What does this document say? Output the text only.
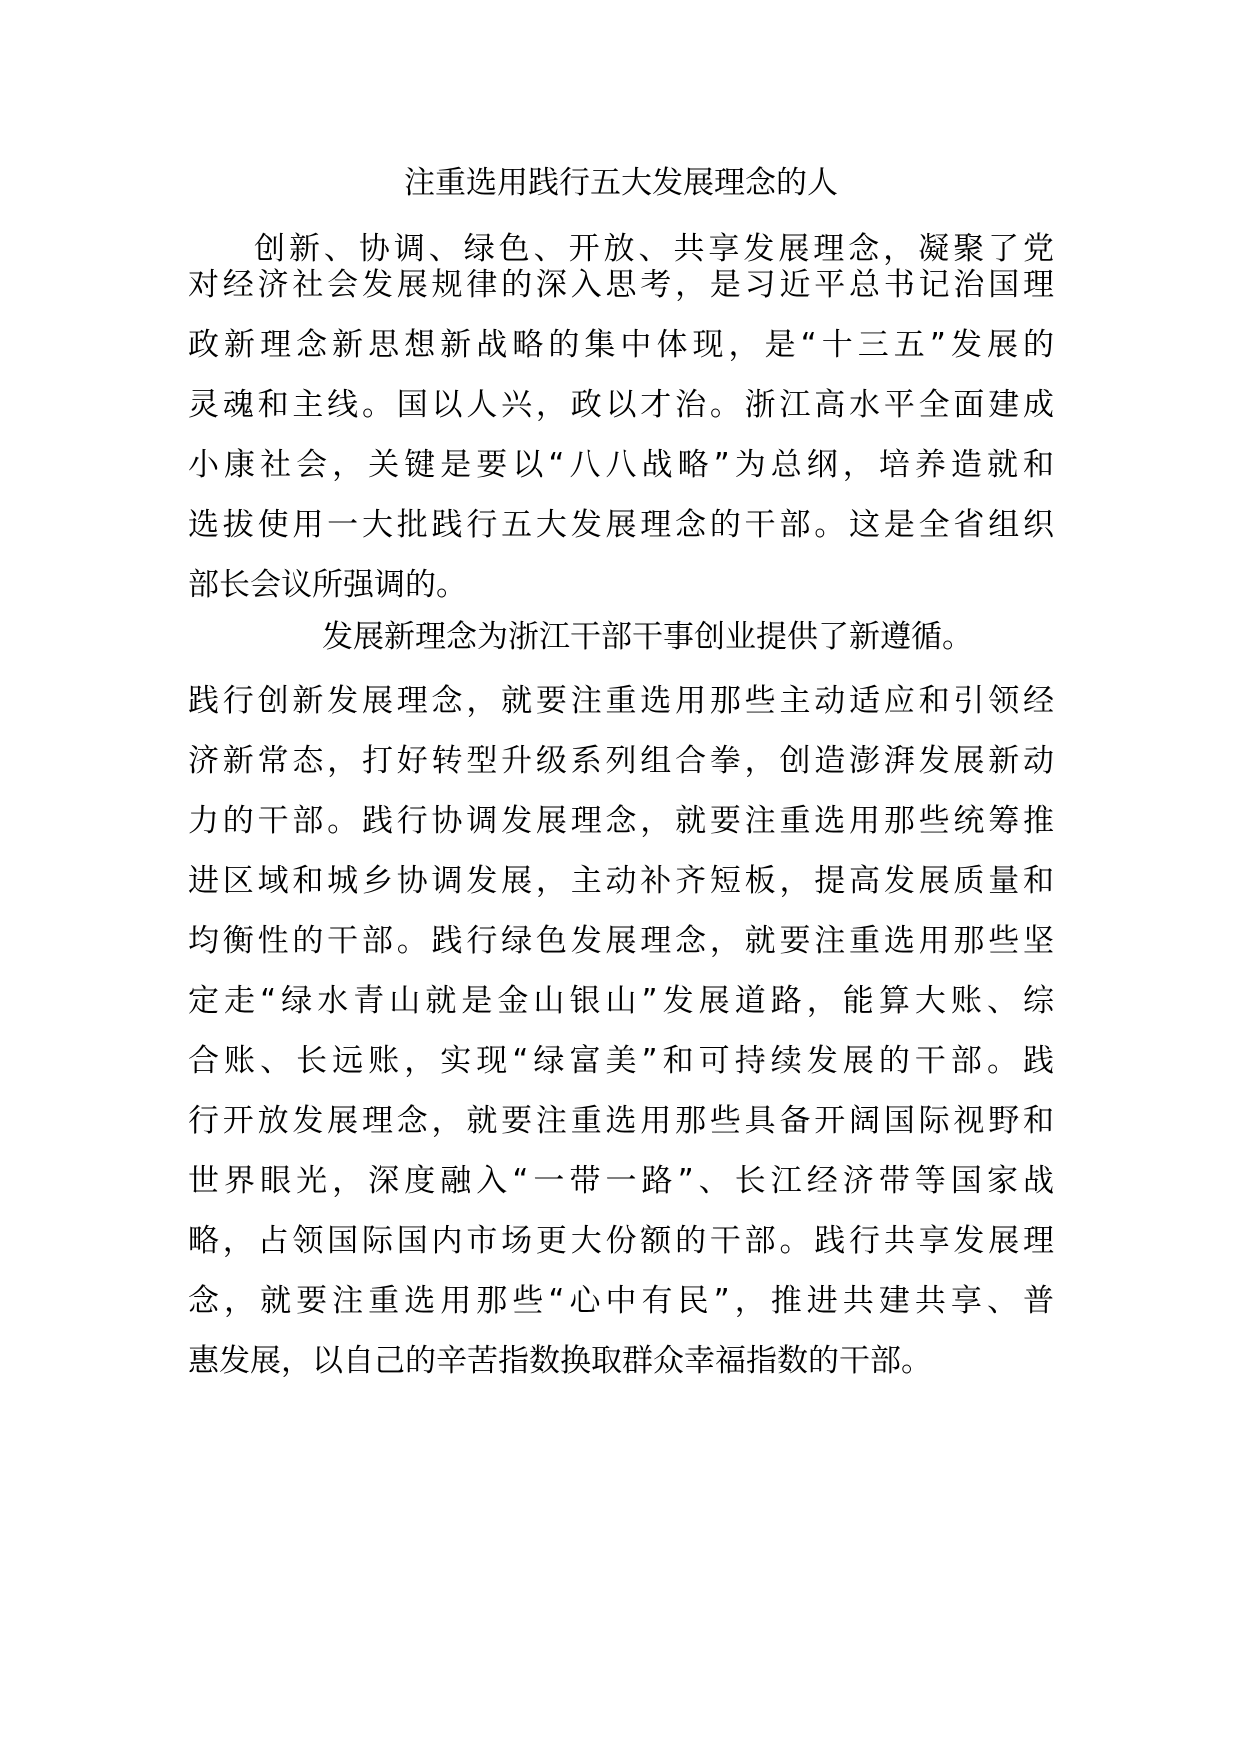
注重选用践行五大发展理念的人

创新、协调、绿色、开放、共享发展理念，凝聚了党

对经济社会发展规律的深入思考，是习近平总书记治国理

政新理念新思想新战略的集中体现，是“十三五”发展的

灵魂和主线。国以人兴，政以才治。浙江高水平全面建成

小康社会，关键是要以“八八战略”为总纲，培养造就和

选拔使用一大批践行五大发展理念的干部。这是全省组织

部长会议所强调的。

发展新理念为浙江干部干事创业提供了新遵循。

践行创新发展理念，就要注重选用那些主动适应和引领经

济新常态，打好转型升级系列组合拳，创造澎湃发展新动

力的干部。践行协调发展理念，就要注重选用那些统筹推

进区域和城乡协调发展，主动补齐短板，提高发展质量和

均衡性的干部。践行绿色发展理念，就要注重选用那些坚

定走“绿水青山就是金山银山”发展道路，能算大账、综

合账、长远账，实现“绿富美”和可持续发展的干部。践

行开放发展理念，就要注重选用那些具备开阔国际视野和

世界眼光，深度融入“一带一路”、长江经济带等国家战

略，占领国际国内市场更大份额的干部。践行共享发展理

念，就要注重选用那些“心中有民”，推进共建共享、普

惠发展，以自己的辛苦指数换取群众幸福指数的干部。
